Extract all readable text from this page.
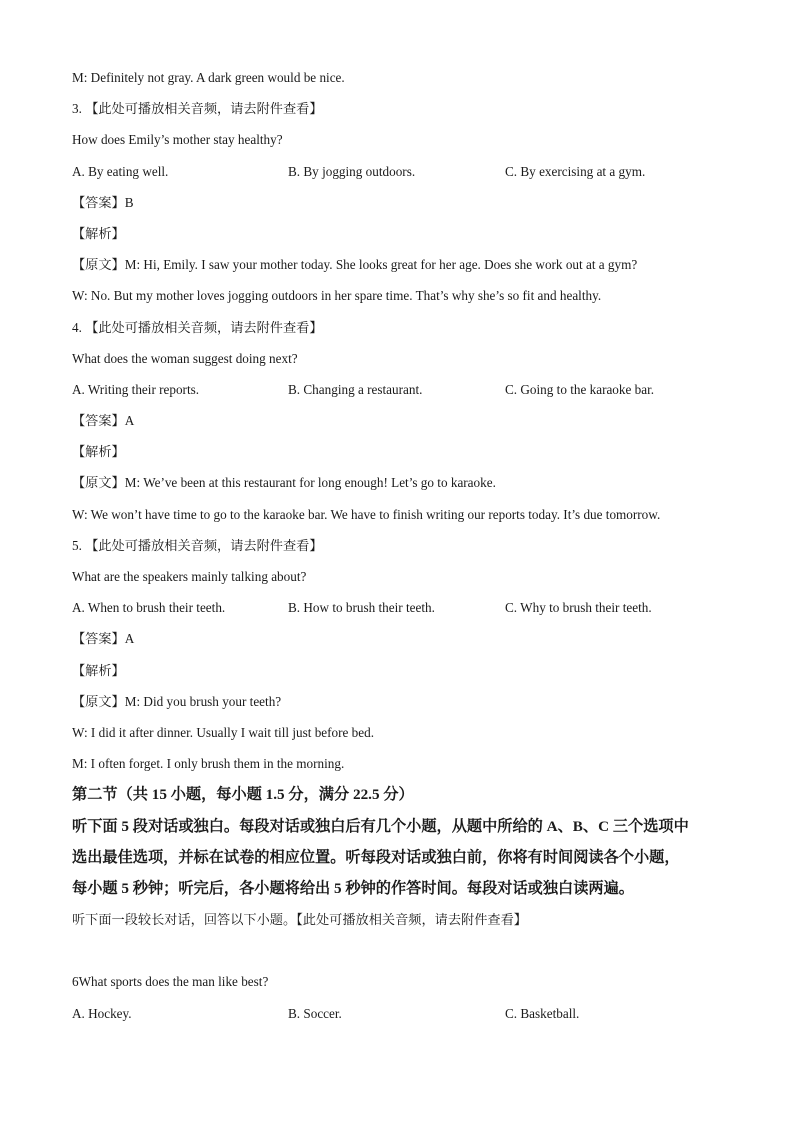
M: Definitely not gray. A dark green would be nice.
3. 【此处可播放相关音频，请去附件查看】
How does Emily’s mother stay healthy?
A. By eating well.	B. By jogging outdoors.	C. By exercising at a gym.
【答案】B
【解析】
【原文】M: Hi, Emily. I saw your mother today. She looks great for her age. Does she work out at a gym?
W: No. But my mother loves jogging outdoors in her spare time. That’s why she’s so fit and healthy.
4. 【此处可播放相关音频，请去附件查看】
What does the woman suggest doing next?
A. Writing their reports.	B. Changing a restaurant.	C. Going to the karaoke bar.
【答案】A
【解析】
【原文】M: We’ve been at this restaurant for long enough! Let’s go to karaoke.
W: We won’t have time to go to the karaoke bar. We have to finish writing our reports today. It’s due tomorrow.
5. 【此处可播放相关音频，请去附件查看】
What are the speakers mainly talking about?
A. When to brush their teeth.	B. How to brush their teeth.	C. Why to brush their teeth.
【答案】A
【解析】
【原文】M: Did you brush your teeth?
W: I did it after dinner. Usually I wait till just before bed.
M: I often forget. I only brush them in the morning.
第二节（共 15 小题，每小题 1.5 分，满分 22.5 分）
听下面 5 段对话或独白。每段对话或独白后有几个小题，从题中所给的 A、B、C 三个选项中
选出最佳选项，并标在试卷的相应位置。听每段对话或独白前，你将有时间阅读各个小题，
每小题 5 秒钟；听完后，各小题将给出 5 秒钟的作答时间。每段对话或独白读两遍。
听下面一段较长对话，回答以下小题。【此处可播放相关音频，请去附件查看】
6What sports does the man like best?
A. Hockey.	B. Soccer.	C. Basketball.
